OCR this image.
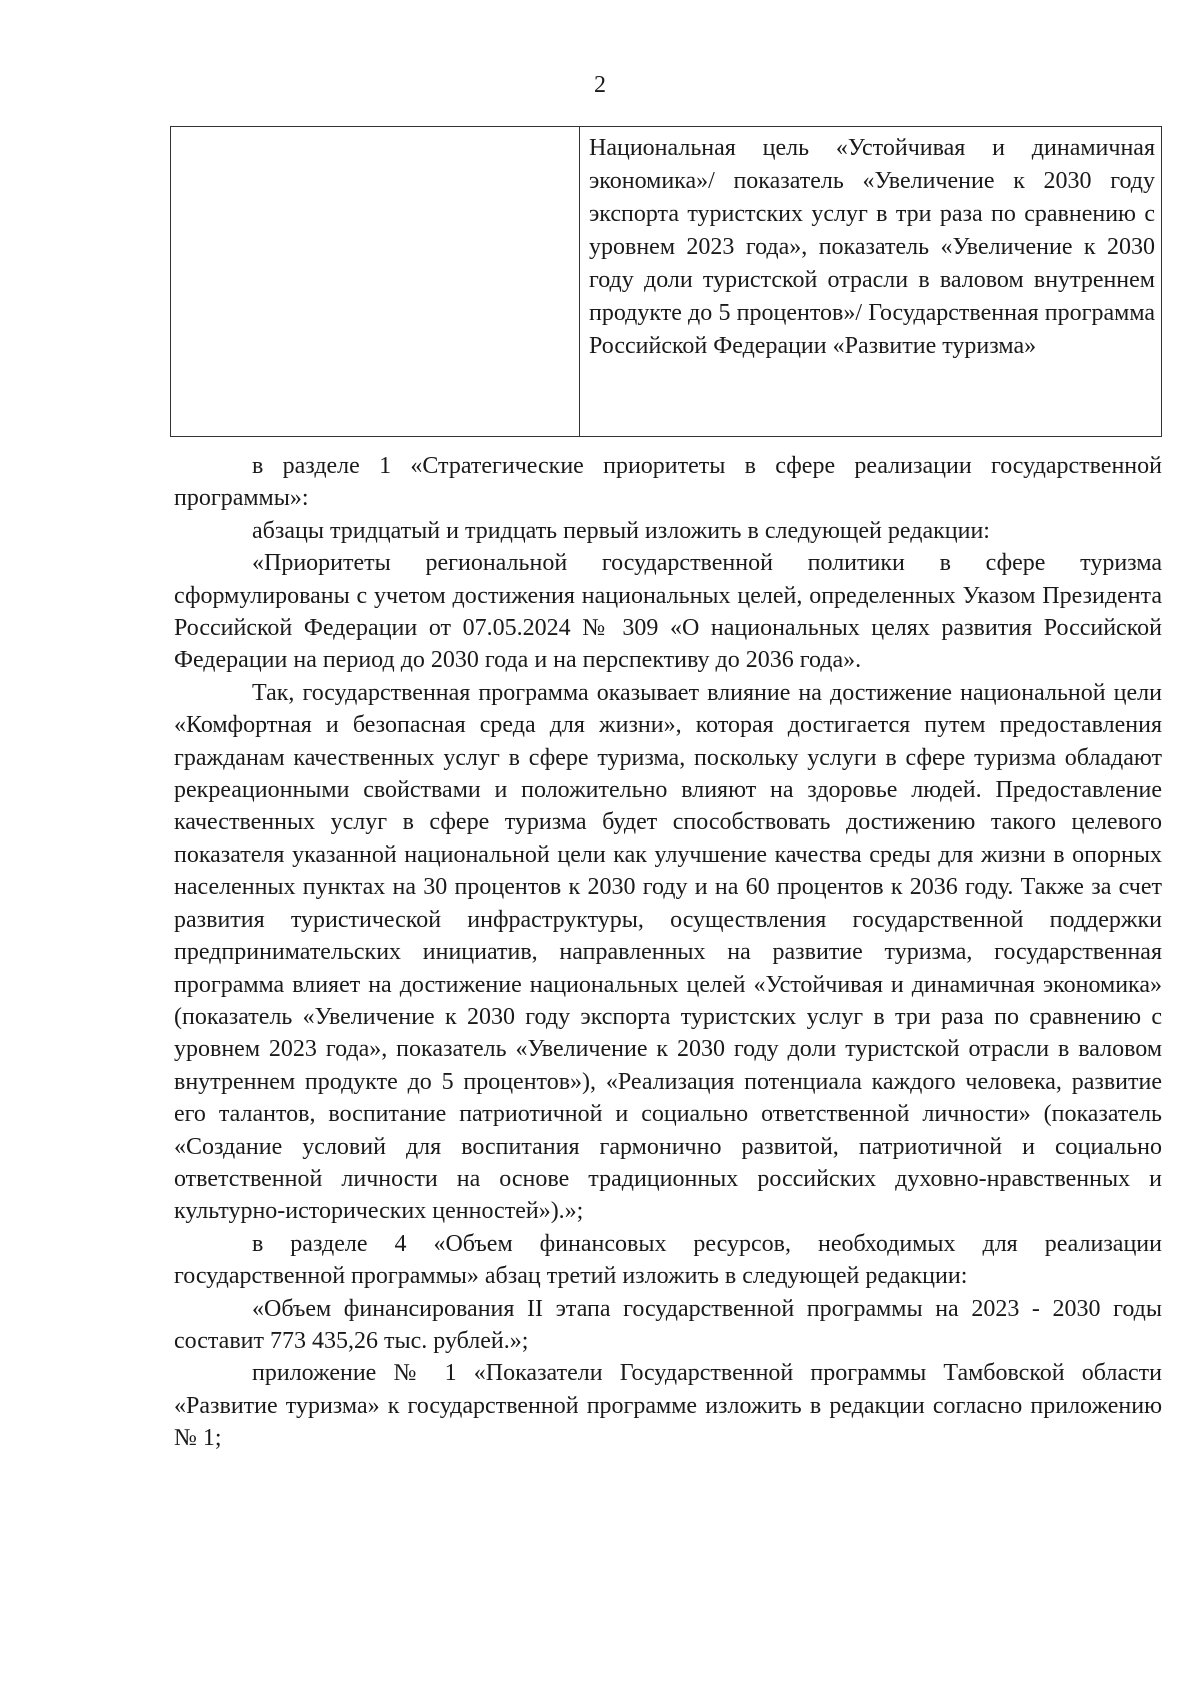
2
Национальная цель «Устойчивая и динамичная экономика»/ показатель «Увеличение к 2030 году экспорта туристских услуг в три раза по сравнению с уровнем 2023 года», показатель «Увеличение к 2030 году доли туристской отрасли в валовом внутреннем продукте до 5 процентов»/ Государственная программа Российской Федерации «Развитие туризма»

в разделе 1 «Стратегические приоритеты в сфере реализации государственной программы»:

абзацы тридцатый и тридцать первый изложить в следующей редакции:

«Приоритеты региональной государственной политики в сфере туризма сформулированы с учетом достижения национальных целей, определенных Указом Президента Российской Федерации от 07.05.2024 № 309 «О национальных целях развития Российской Федерации на период до 2030 года и на перспективу до 2036 года».

Так, государственная программа оказывает влияние на достижение национальной цели «Комфортная и безопасная среда для жизни», которая достигается путем предоставления гражданам качественных услуг в сфере туризма, поскольку услуги в сфере туризма обладают рекреационными свойствами и положительно влияют на здоровье людей. Предоставление качественных услуг в сфере туризма будет способствовать достижению такого целевого показателя указанной национальной цели как улучшение качества среды для жизни в опорных населенных пунктах на 30 процентов к 2030 году и на 60 процентов к 2036 году. Также за счет развития туристической инфраструктуры, осуществления государственной поддержки предпринимательских инициатив, направленных на развитие туризма, государственная программа влияет на достижение национальных целей «Устойчивая и динамичная экономика» (показатель «Увеличение к 2030 году экспорта туристских услуг в три раза по сравнению с уровнем 2023 года», показатель «Увеличение к 2030 году доли туристской отрасли в валовом внутреннем продукте до 5 процентов»), «Реализация потенциала каждого человека, развитие его талантов, воспитание патриотичной и социально ответственной личности» (показатель «Создание условий для воспитания гармонично развитой, патриотичной и социально ответственной личности на основе традиционных российских духовно-нравственных и культурно-исторических ценностей»).»;

в разделе 4 «Объем финансовых ресурсов, необходимых для реализации государственной программы» абзац третий изложить в следующей редакции:

«Объем финансирования II этапа государственной программы на 2023 - 2030 годы составит 773 435,26 тыс. рублей.»;

приложение № 1 «Показатели Государственной программы Тамбовской области «Развитие туризма» к государственной программе изложить в редакции согласно приложению № 1;
